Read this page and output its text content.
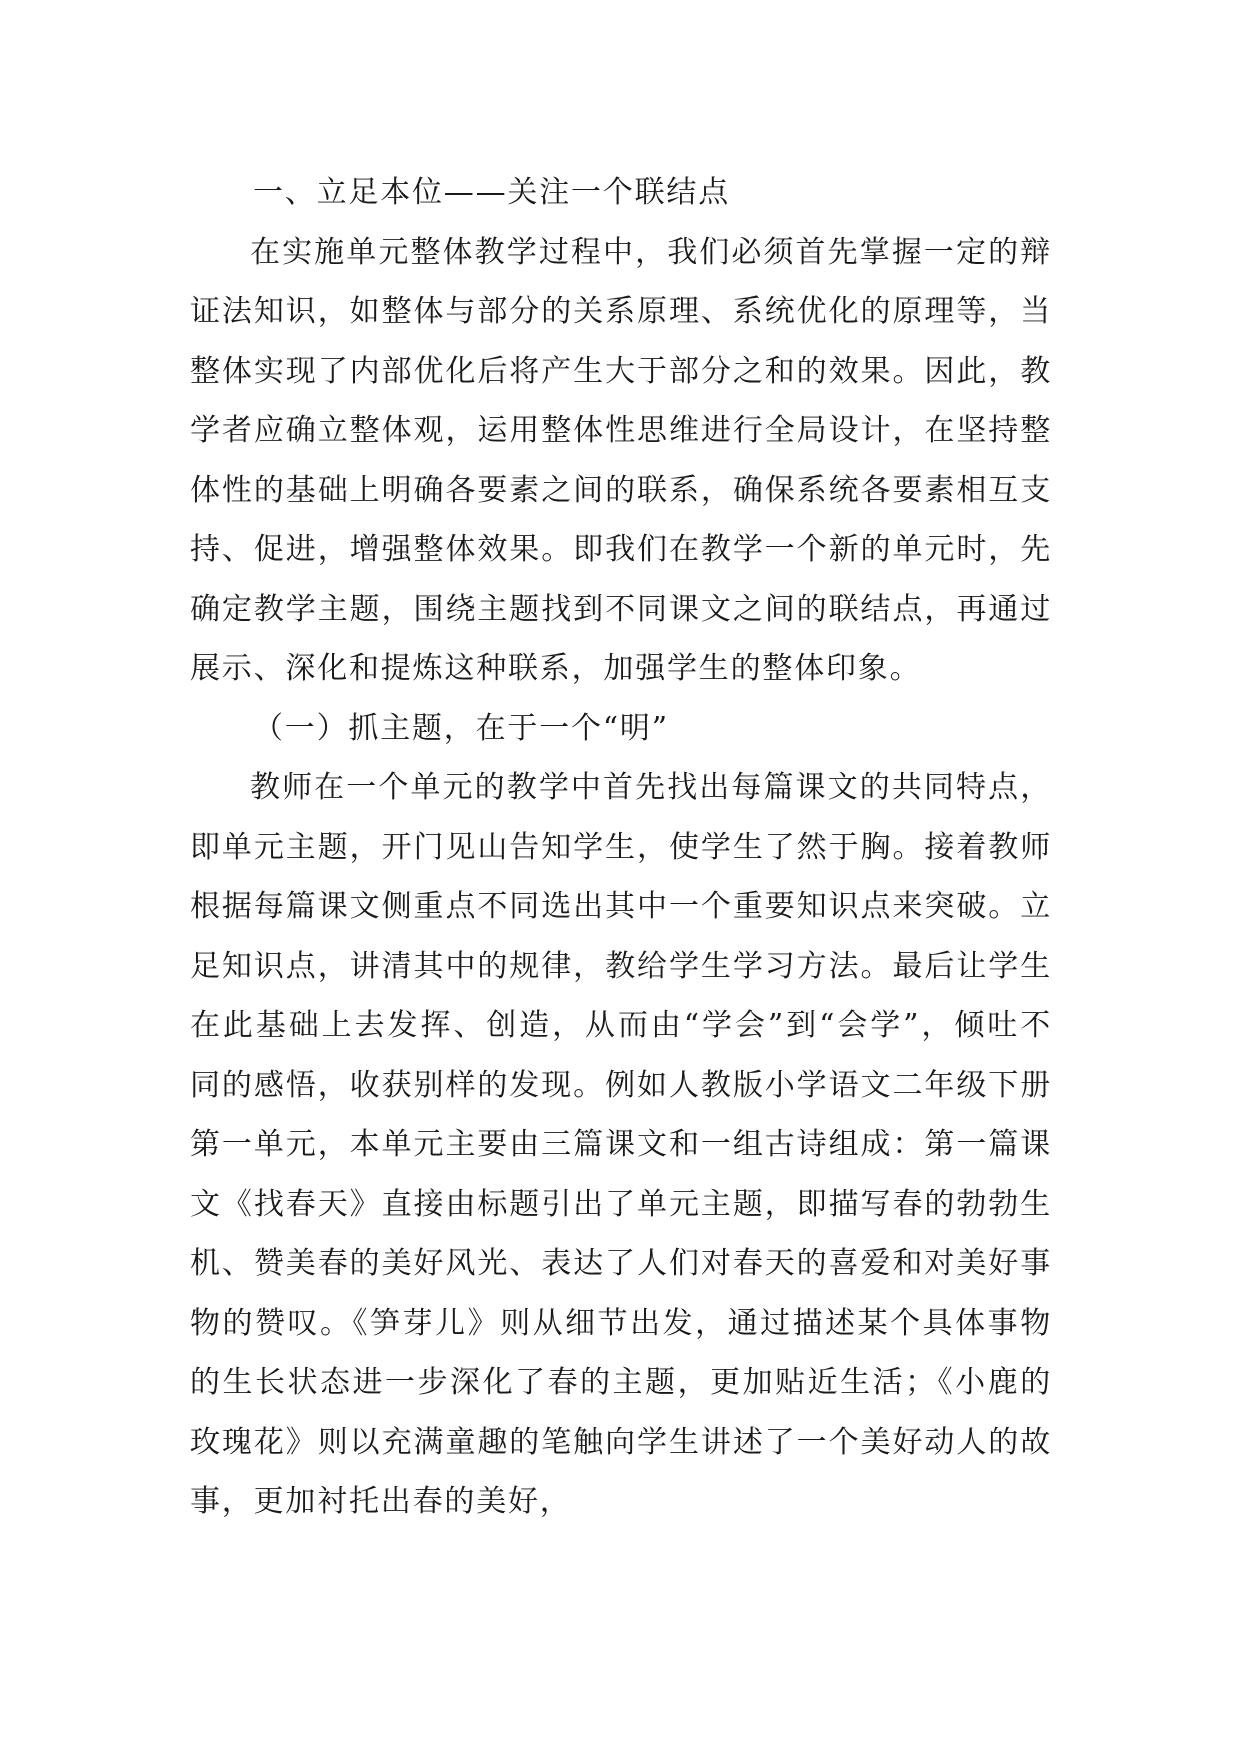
一、立足本位——关注一个联结点

在实施单元整体教学过程中，我们必须首先掌握一定的辩证法知识，如整体与部分的关系原理、系统优化的原理等，当整体实现了内部优化后将产生大于部分之和的效果。因此，教学者应确立整体观，运用整体性思维进行全局设计，在坚持整体性的基础上明确各要素之间的联系，确保系统各要素相互支持、促进，增强整体效果。即我们在教学一个新的单元时，先确定教学主题，围绕主题找到不同课文之间的联结点，再通过展示、深化和提炼这种联系，加强学生的整体印象。

（一）抓主题，在于一个“明”

教师在一个单元的教学中首先找出每篇课文的共同特点，即单元主题，开门见山告知学生，使学生了然于胸。接着教师根据每篇课文侧重点不同选出其中一个重要知识点来突破。立足知识点，讲清其中的规律，教给学生学习方法。最后让学生在此基础上去发挥、创造，从而由“学会”到“会学”，倾吐不同的感悟，收获别样的发现。例如人教版小学语文二年级下册第一单元，本单元主要由三篇课文和一组古诗组成：第一篇课文《找春天》直接由标题引出了单元主题，即描写春的勃勃生机、赞美春的美好风光、表达了人们对春天的喜爱和对美好事物的赞叹。《笋芽儿》则从细节出发，通过描述某个具体事物的生长状态进一步深化了春的主题，更加贴近生活；《小鹿的玫瑰花》则以充满童趣的笔触向学生讲述了一个美好动人的故事，更加衬托出春的美好，
